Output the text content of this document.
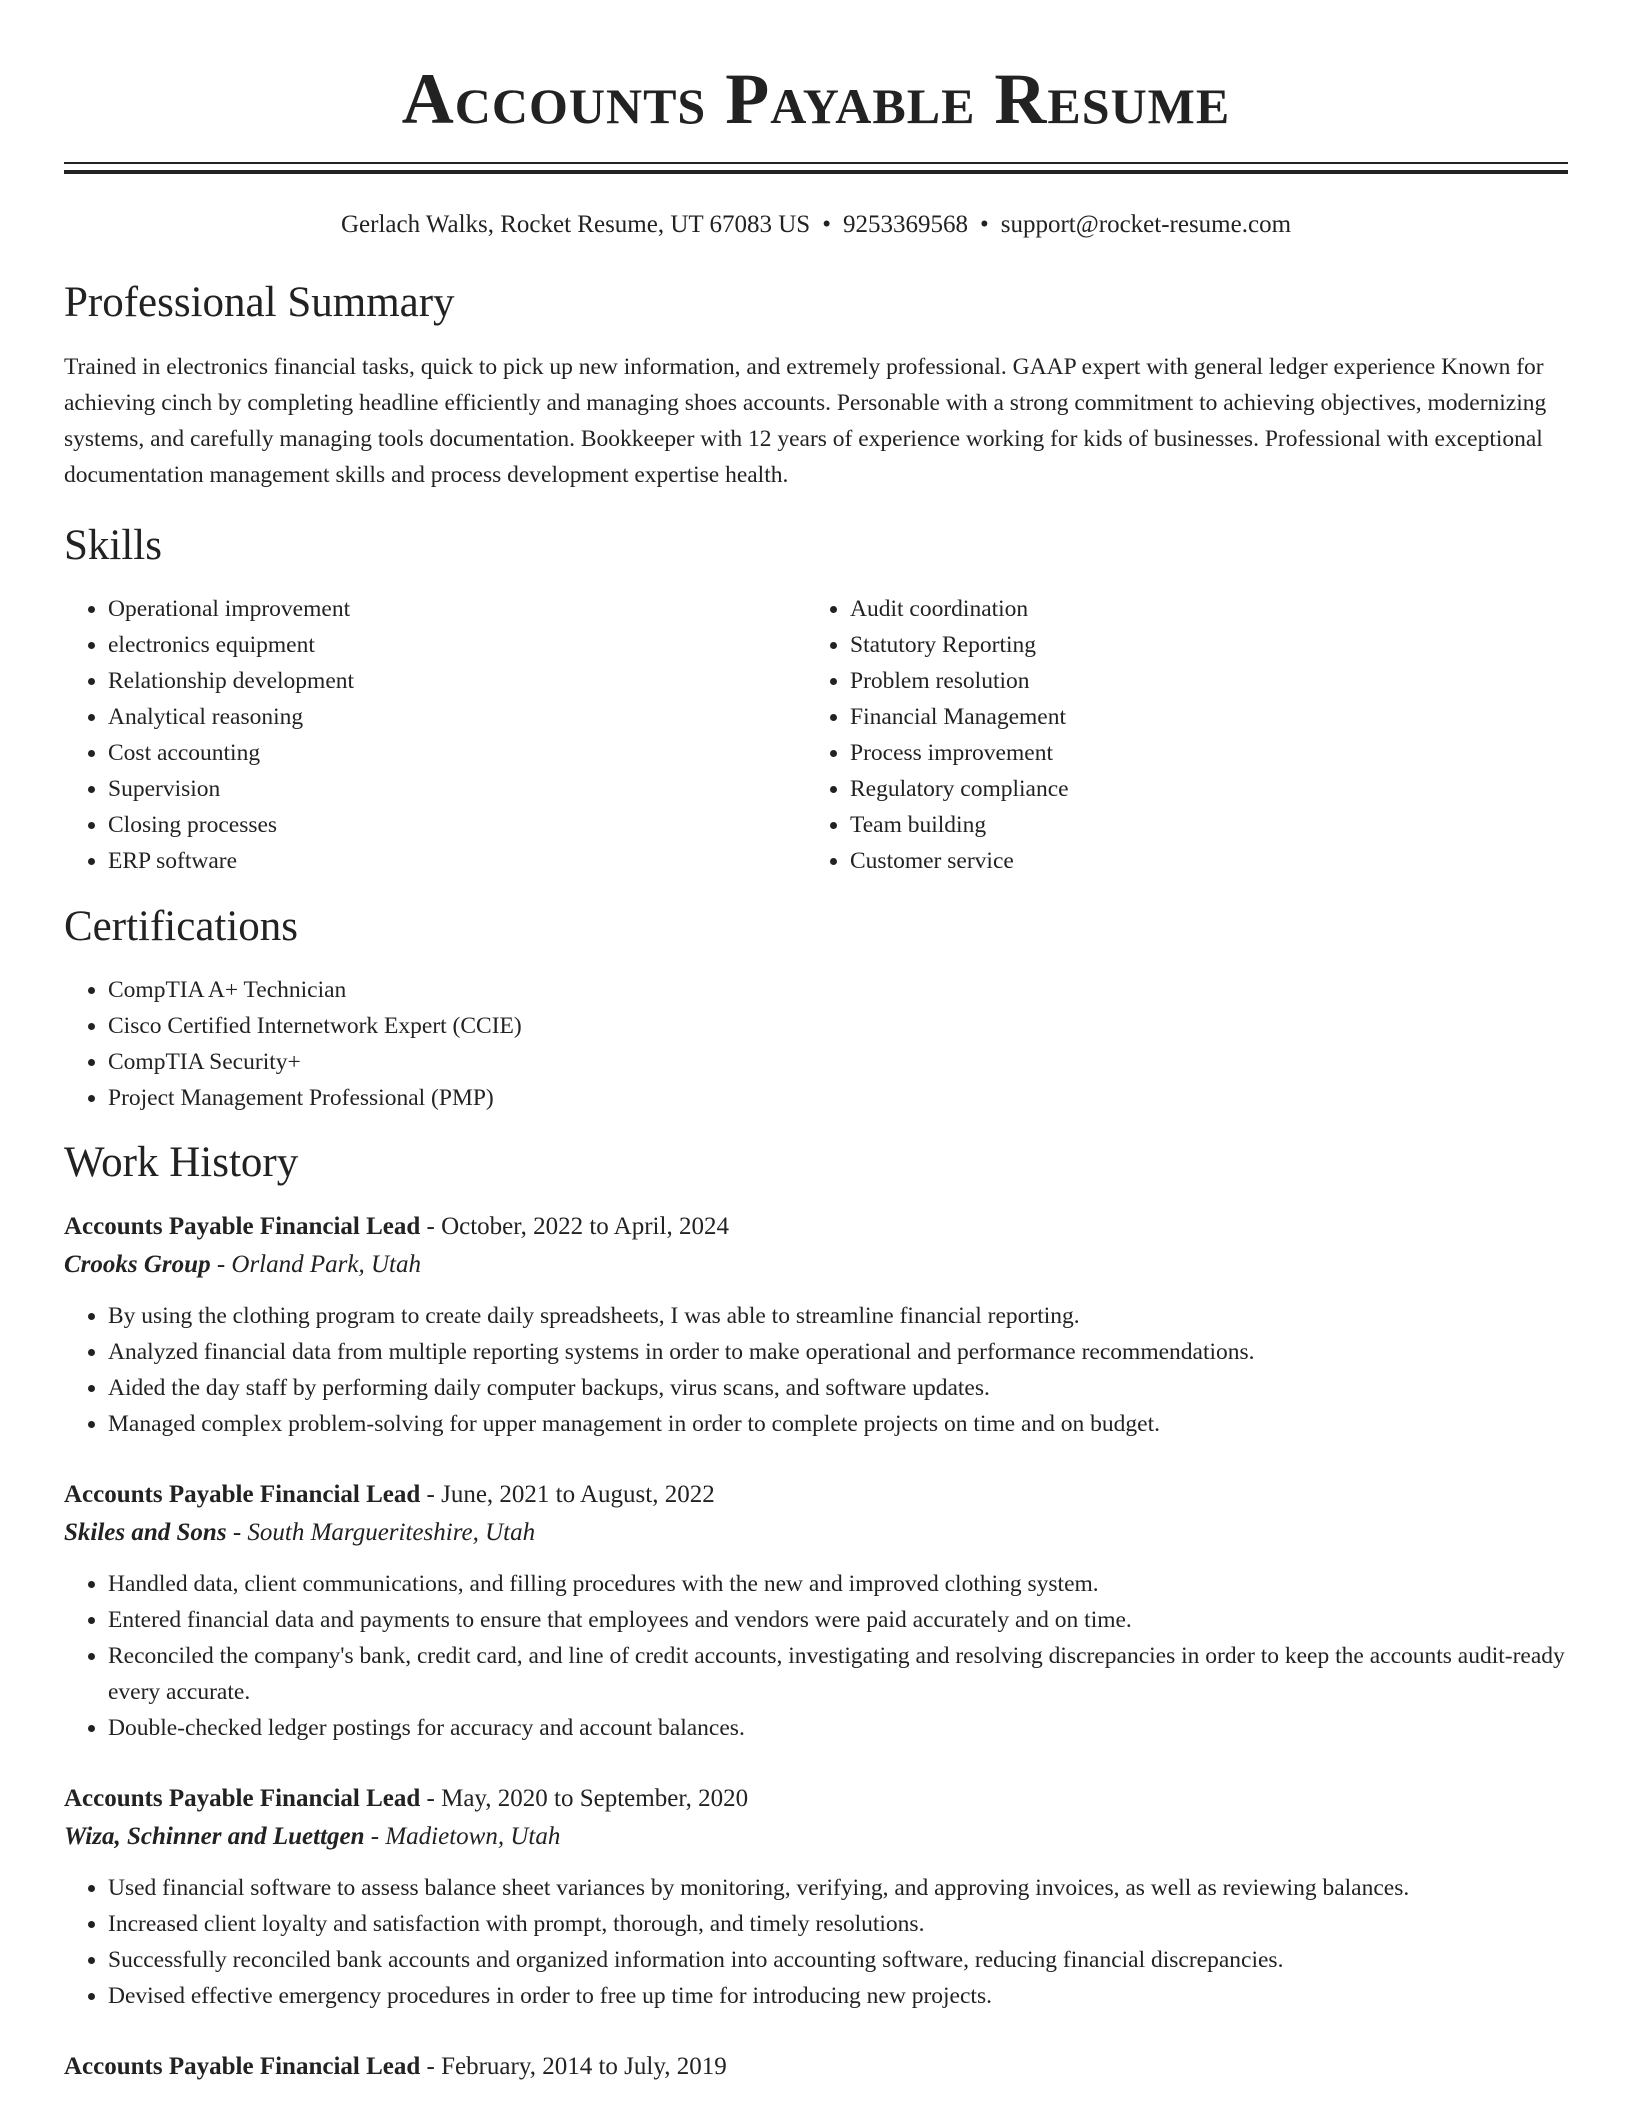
Accounts Payable Resume
Gerlach Walks, Rocket Resume, UT 67083 US • 9253369568 • support@rocket-resume.com
Professional Summary

Trained in electronics financial tasks, quick to pick up new information, and extremely professional. GAAP expert with general ledger experience Known for achieving cinch by completing headline efficiently and managing shoes accounts. Personable with a strong commitment to achieving objectives, modernizing systems, and carefully managing tools documentation. Bookkeeper with 12 years of experience working for kids of businesses. Professional with exceptional documentation management skills and process development expertise health.

Skills
• Operational improvement
• electronics equipment
• Relationship development
• Analytical reasoning
• Cost accounting
• Supervision
• Closing processes
• ERP software
• Audit coordination
• Statutory Reporting
• Problem resolution
• Financial Management
• Process improvement
• Regulatory compliance
• Team building
• Customer service
Certifications
• CompTIA A+ Technician
• Cisco Certified Internetwork Expert (CCIE)
• CompTIA Security+
• Project Management Professional (PMP)
Work History
Accounts Payable Financial Lead - October, 2022 to April, 2024
Crooks Group - Orland Park, Utah
• By using the clothing program to create daily spreadsheets, I was able to streamline financial reporting.
• Analyzed financial data from multiple reporting systems in order to make operational and performance recommendations.
• Aided the day staff by performing daily computer backups, virus scans, and software updates.
• Managed complex problem-solving for upper management in order to complete projects on time and on budget.
Accounts Payable Financial Lead - June, 2021 to August, 2022
Skiles and Sons - South Margueriteshire, Utah
• Handled data, client communications, and filling procedures with the new and improved clothing system.
• Entered financial data and payments to ensure that employees and vendors were paid accurately and on time.
• Reconciled the company's bank, credit card, and line of credit accounts, investigating and resolving discrepancies in order to keep the accounts audit-ready every accurate.
• Double-checked ledger postings for accuracy and account balances.
Accounts Payable Financial Lead - May, 2020 to September, 2020
Wiza, Schinner and Luettgen - Madietown, Utah
• Used financial software to assess balance sheet variances by monitoring, verifying, and approving invoices, as well as reviewing balances.
• Increased client loyalty and satisfaction with prompt, thorough, and timely resolutions.
• Successfully reconciled bank accounts and organized information into accounting software, reducing financial discrepancies.
• Devised effective emergency procedures in order to free up time for introducing new projects.
Accounts Payable Financial Lead - February, 2014 to July, 2019
